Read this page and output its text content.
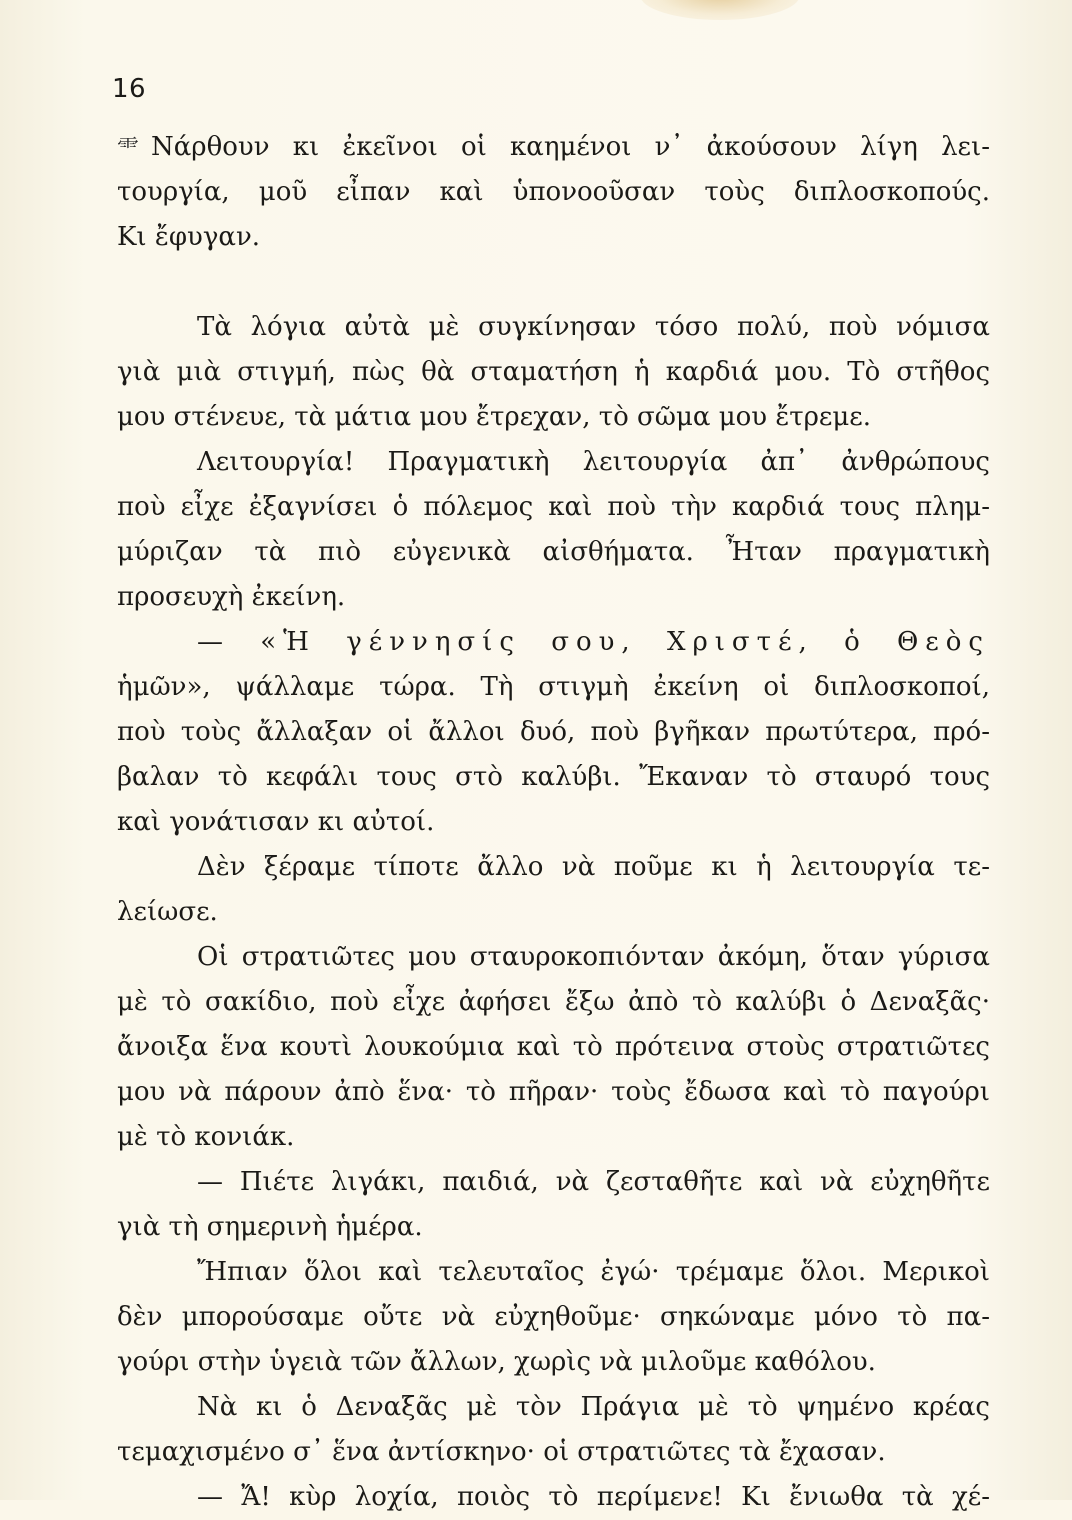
16
⻗ Νάρθουν κι ἐκεῖνοι οἱ καημένοι ν᾽ ἀκούσουν λίγη λει-
τουργία, μοῦ εἶπαν καὶ ὑπονοοῦσαν τοὺς διπλοσκοπούς.
Κι ἔφυγαν.
Τὰ λόγια αὐτὰ μὲ συγκίνησαν τόσο πολύ, ποὺ νόμισα
γιὰ μιὰ στιγμή, πὼς θὰ σταματήση ἡ καρδιά μου. Τὸ στῆθος
μου στένευε, τὰ μάτια μου ἔτρεχαν, τὸ σῶμα μου ἔτρεμε.
Λειτουργία! Πραγματικὴ λειτουργία ἀπ᾽ ἀνθρώπους
ποὺ εἶχε ἐξαγνίσει ὁ πόλεμος καὶ ποὺ τὴν καρδιά τους πλημ-
μύριζαν τὰ πιὸ εὐγενικὰ αἰσθήματα. Ἦταν πραγματικὴ
προσευχὴ ἐκείνη.
— «Ἡ γέννησίς σου, Χριστέ, ὁ Θεὸς
ἡμῶν», ψάλλαμε τώρα. Τὴ στιγμὴ ἐκείνη οἱ διπλοσκοποί,
ποὺ τοὺς ἄλλαξαν οἱ ἄλλοι δυό, ποὺ βγῆκαν πρωτύτερα, πρό-
βαλαν τὸ κεφάλι τους στὸ καλύβι. Ἔκαναν τὸ σταυρό τους
καὶ γονάτισαν κι αὐτοί.
Δὲν ξέραμε τίποτε ἄλλο νὰ ποῦμε κι ἡ λειτουργία τε-
λείωσε.
Οἱ στρατιῶτες μου σταυροκοπιόνταν ἀκόμη, ὅταν γύρισα
μὲ τὸ σακίδιο, ποὺ εἶχε ἀφήσει ἔξω ἀπὸ τὸ καλύβι ὁ Δεναξᾶς·
ἄνοιξα ἕνα κουτὶ λουκούμια καὶ τὸ πρότεινα στοὺς στρατιῶτες
μου νὰ πάρουν ἀπὸ ἕνα· τὸ πῆραν· τοὺς ἔδωσα καὶ τὸ παγούρι
μὲ τὸ κονιάκ.
— Πιέτε λιγάκι, παιδιά, νὰ ζεσταθῆτε καὶ νὰ εὐχηθῆτε
γιὰ τὴ σημερινὴ ἡμέρα.
Ἤπιαν ὅλοι καὶ τελευταῖος ἐγώ· τρέμαμε ὅλοι. Μερικοὶ
δὲν μπορούσαμε οὔτε νὰ εὐχηθοῦμε· σηκώναμε μόνο τὸ πα-
γούρι στὴν ὑγειὰ τῶν ἄλλων, χωρὶς νὰ μιλοῦμε καθόλου.
Νὰ κι ὁ Δεναξᾶς μὲ τὸν Πράγια μὲ τὸ ψημένο κρέας
τεμαχισμένο σ᾽ ἕνα ἀντίσκηνο· οἱ στρατιῶτες τὰ ἔχασαν.
— Ἄ! κὺρ λοχία, ποιὸς τὸ περίμενε! Κι ἔνιωθα τὰ χέ-
